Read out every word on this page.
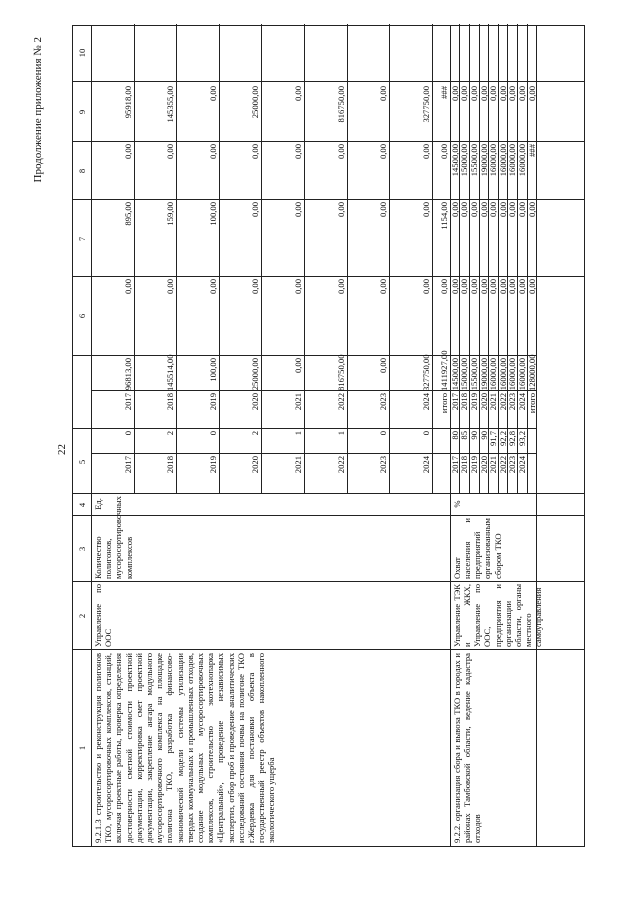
Продолжение приложения № 2
22
1
2
3
4
5
6
7
8
9
10
9.2.1.3 строительство и реконструкция полигонов ТКО, мусоросортировочных комплексов, станций, включая проектные работы, проверка определения достоверности сметной стоимости проектной документации, корректировка смет проектной документации, закрепление ангара модульного мусоросортировочного комплекса на площадке полигона ТКО, разработка финансово-экономической модели системы утилизации твердых коммунальных и промышленных отходов, создание модульных мусоросортировочных комплексов, строительство экотехнопарка «Центральный», проведение независимых экспертиз, отбор проб и проведение аналитических исследований состояния почвы на полигоне ТКО г.Жердевка для постановки объекта в государственный реестр объектов накопленного экологического ущерба
Управление по ООС
Количество полигонов, мусоросортировочных комплексов
Ед.
2017
0
2017
96813,00
0,00
895,00
0,00
95918,00
2018
2
2018
145514,00
0,00
159,00
0,00
145355,00
2019
0
2019
100,00
0,00
100,00
0,00
0,00
2020
2
2020
25000,00
0,00
0,00
0,00
25000,00
2021
1
2021
0,00
0,00
0,00
0,00
0,00
2022
1
2022
816750,00
0,00
0,00
0,00
816750,00
2023
0
2023
0,00
0,00
0,00
0,00
0,00
2024
0
2024
327750,00
0,00
0,00
0,00
327750,00
итого
1411927,00
0,00
1154,00
0,00
###
9.2.2. организация сбора и вывоза ТКО в городах и районах Тамбовской области, ведение кадастра отходов
Управление ТЭК и ЖКХ, Управление по ООС, предприятия и организации области, органы местного самоуправления
Охват населения и предприятий организованным сбором ТКО
%
2017
80
2017
14500,00
0,00
0,00
14500,00
0,00
2018
85
2018
15000,00
0,00
0,00
15000,00
0,00
2019
90
2019
15500,00
0,00
0,00
15500,00
0,00
2020
90
2020
19000,00
0,00
0,00
19000,00
0,00
2021
91,7
2021
16000,00
0,00
0,00
16000,00
0,00
2022
92,2
2022
16000,00
0,00
0,00
16000,00
0,00
2023
92,8
2023
16000,00
0,00
0,00
16000,00
0,00
2024
93,2
2024
16000,00
0,00
0,00
16000,00
0,00
итого
128000,00
0,00
0,00
###
0,00
